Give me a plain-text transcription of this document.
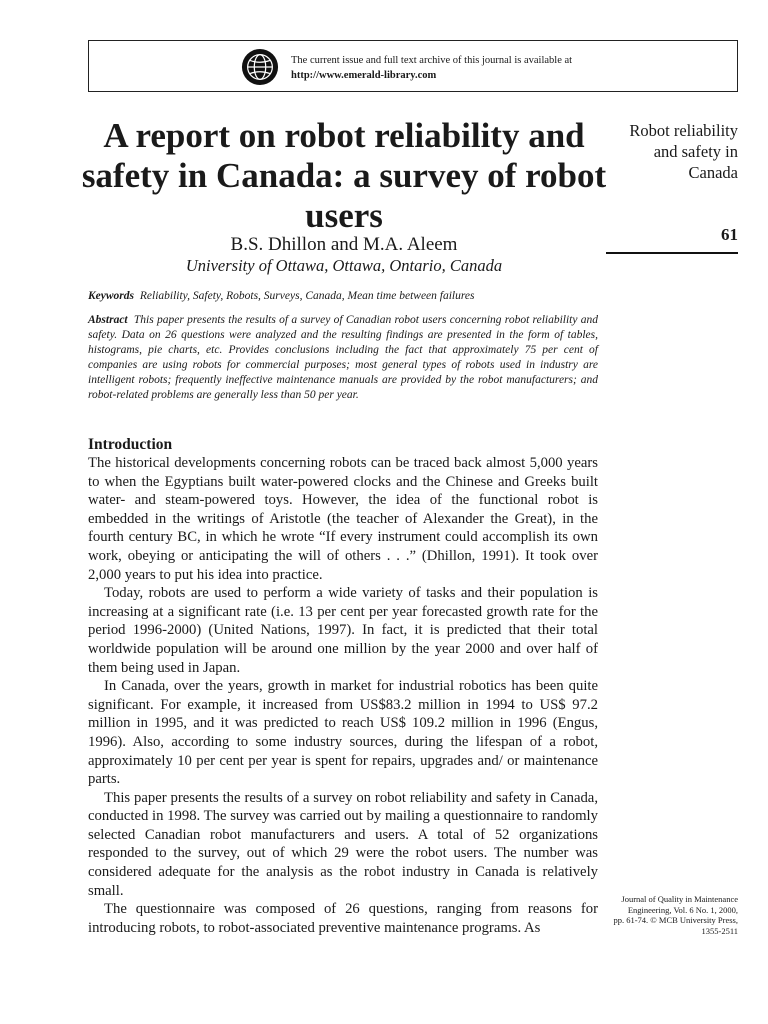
The current issue and full text archive of this journal is available at
http://www.emerald-library.com
A report on robot reliability and safety in Canada: a survey of robot users
B.S. Dhillon and M.A. Aleem
University of Ottawa, Ottawa, Ontario, Canada
Robot reliability and safety in Canada
61
Keywords Reliability, Safety, Robots, Surveys, Canada, Mean time between failures
Abstract This paper presents the results of a survey of Canadian robot users concerning robot reliability and safety. Data on 26 questions were analyzed and the resulting findings are presented in the form of tables, histograms, pie charts, etc. Provides conclusions including the fact that approximately 75 per cent of companies are using robots for commercial purposes; most general types of robots used in industry are intelligent robots; frequently ineffective maintenance manuals are provided by the robot manufacturers; and robot-related problems are generally less than 50 per year.
Introduction

The historical developments concerning robots can be traced back almost 5,000 years to when the Egyptians built water-powered clocks and the Chinese and Greeks built water- and steam-powered toys. However, the idea of the functional robot is embedded in the writings of Aristotle (the teacher of Alexander the Great), in the fourth century BC, in which he wrote “If every instrument could accomplish its own work, obeying or anticipating the will of others . . .” (Dhillon, 1991). It took over 2,000 years to put his idea into practice.

Today, robots are used to perform a wide variety of tasks and their population is increasing at a significant rate (i.e. 13 per cent per year forecasted growth rate for the period 1996-2000) (United Nations, 1997). In fact, it is predicted that their total worldwide population will be around one million by the year 2000 and over half of them being used in Japan.

In Canada, over the years, growth in market for industrial robotics has been quite significant. For example, it increased from US$83.2 million in 1994 to US$ 97.2 million in 1995, and it was predicted to reach US$ 109.2 million in 1996 (Engus, 1996). Also, according to some industry sources, during the lifespan of a robot, approximately 10 per cent per year is spent for repairs, upgrades and/ or maintenance parts.

This paper presents the results of a survey on robot reliability and safety in Canada, conducted in 1998. The survey was carried out by mailing a questionnaire to randomly selected Canadian robot manufacturers and users. A total of 52 organizations responded to the survey, out of which 29 were the robot users. The number was considered adequate for the analysis as the robot industry in Canada is relatively small.

The questionnaire was composed of 26 questions, ranging from reasons for introducing robots, to robot-associated preventive maintenance programs. As

Journal of Quality in Maintenance
Engineering, Vol. 6 No. 1, 2000,
pp. 61-74. © MCB University Press,
1355-2511
